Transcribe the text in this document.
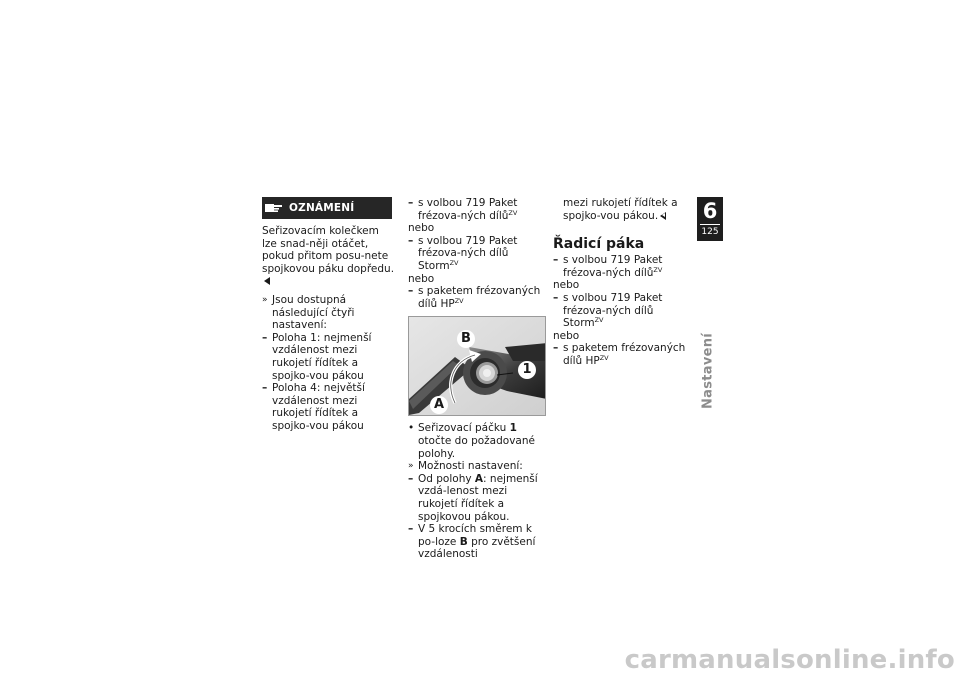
OZNÁMENÍ

Seřizovacím kolečkem lze snad-něji otáčet, pokud přitom posu-nete spojkovou páku dopředu.

» Jsou dostupná následující čtyři nastavení:
– Poloha 1: nejmenší vzdálenost mezi rukojetí řídítek a spojko-vou pákou
– Poloha 4: největší vzdálenost mezi rukojetí řídítek a spojko-vou pákou
– s volbou 719 Paket frézova-ných dílů$^{ZV}$
nebo
– s volbou 719 Paket frézova-ných dílů Storm$^{ZV}$
nebo
– s paketem frézovaných dílů $HP^{ZV}$
B
1
A
• Seřizovací páčku 1 otočte do požadované polohy.
» Možnosti nastavení:
– Od polohy A: nejmenší vzdá-lenost mezi rukojetí řídítek a spojkovou pákou.
– V 5 krocích směrem k po-loze B pro zvětšení vzdálenosti

mezi rukojetí řídítek a spojko-vou pákou.

Řadicí páka
– s volbou 719 Paket frézova-ných dílů$^{ZV}$
nebo
– s volbou 719 Paket frézova-ných dílů Storm$^{ZV}$
nebo
– s paketem frézovaných dílů $HP^{ZV}$
6
125
Nastavení
carmanualsonline.info
